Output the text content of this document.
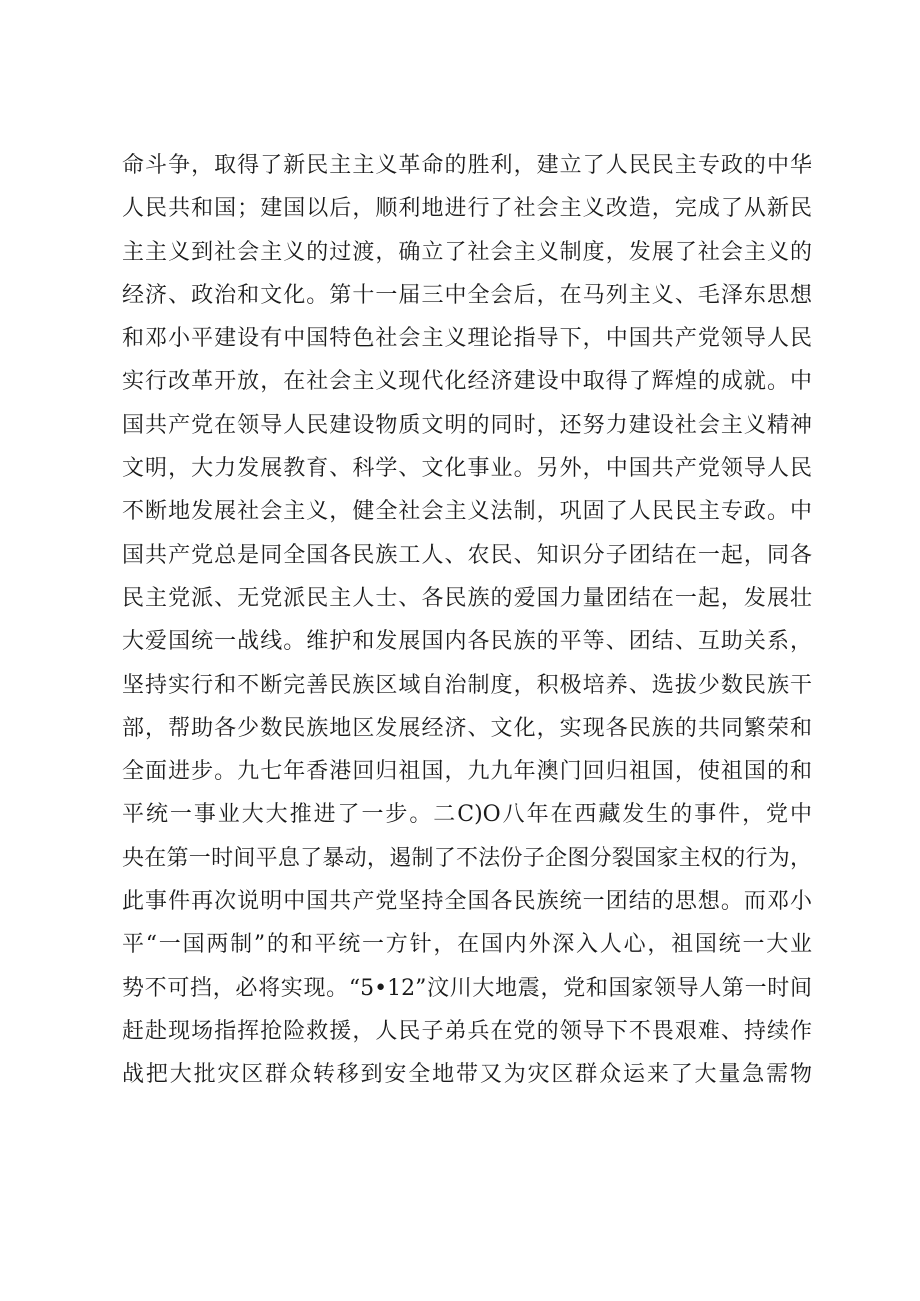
命斗争，取得了新民主主义革命的胜利，建立了人民民主专政的中华
人民共和国；建国以后，顺利地进行了社会主义改造，完成了从新民
主主义到社会主义的过渡，确立了社会主义制度，发展了社会主义的
经济、政治和文化。第十一届三中全会后，在马列主义、毛泽东思想
和邓小平建设有中国特色社会主义理论指导下，中国共产党领导人民
实行改革开放，在社会主义现代化经济建设中取得了辉煌的成就。中
国共产党在领导人民建设物质文明的同时，还努力建设社会主义精神
文明，大力发展教育、科学、文化事业。另外，中国共产党领导人民
不断地发展社会主义，健全社会主义法制，巩固了人民民主专政。中
国共产党总是同全国各民族工人、农民、知识分子团结在一起，同各
民主党派、无党派民主人士、各民族的爱国力量团结在一起，发展壮
大爱国统一战线。维护和发展国内各民族的平等、团结、互助关系，
坚持实行和不断完善民族区域自治制度，积极培养、选拔少数民族干
部，帮助各少数民族地区发展经济、文化，实现各民族的共同繁荣和
全面进步。九七年香港回归祖国，九九年澳门回归祖国，使祖国的和
平统一事业大大推进了一步。二C)O八年在西藏发生的事件，党中
央在第一时间平息了暴动，遏制了不法份子企图分裂国家主权的行为，
此事件再次说明中国共产党坚持全国各民族统一团结的思想。而邓小
平“一国两制”的和平统一方针，在国内外深入人心，祖国统一大业
势不可挡，必将实现。“5•12”汶川大地震，党和国家领导人第一时间
赶赴现场指挥抢险救援，人民子弟兵在党的领导下不畏艰难、持续作
战把大批灾区群众转移到安全地带又为灾区群众运来了大量急需物
